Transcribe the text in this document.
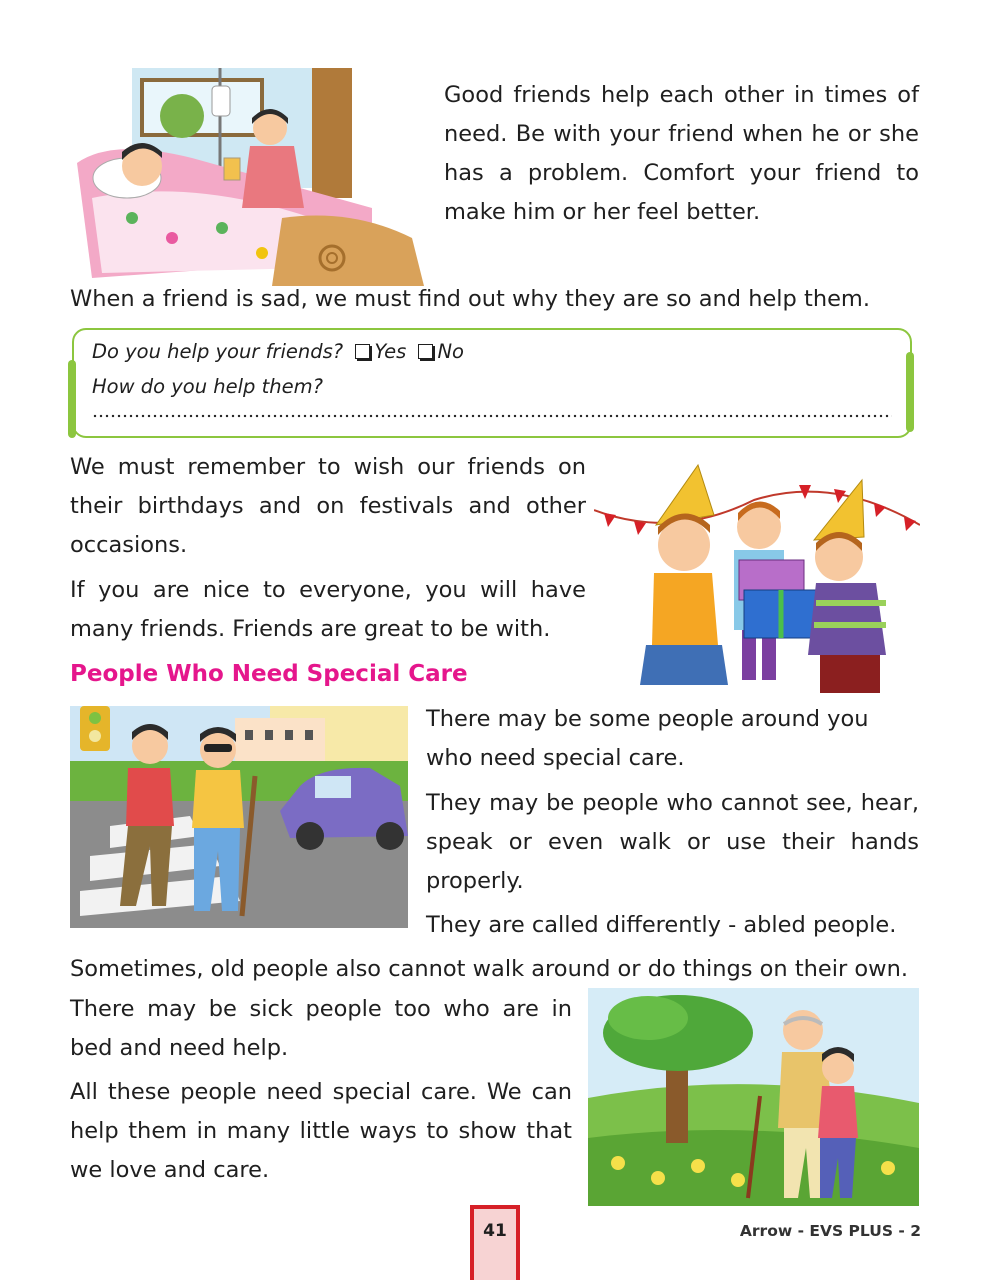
Good friends help each other in times of need. Be with your friend when he or she has a problem. Comfort your friend to make him or her feel better.

When a friend is sad, we must find out why they are so and help them.

Do you help your friends? Yes No
How do you help them?

We must remember to wish our friends on their birthdays and on festivals and other occasions.

If you are nice to everyone, you will have many friends. Friends are great to be with.

People Who Need Special Care

There may be some people around you who need special care.

They may be people who cannot see, hear, speak or even walk or use their hands properly.

They are called differently - abled people.

Sometimes, old people also cannot walk around or do things on their own.

There may be sick people too who are in bed and need help.

All these people need special care. We can help them in many little ways to show that we love and care.

41	Arrow - EVS PLUS - 2
